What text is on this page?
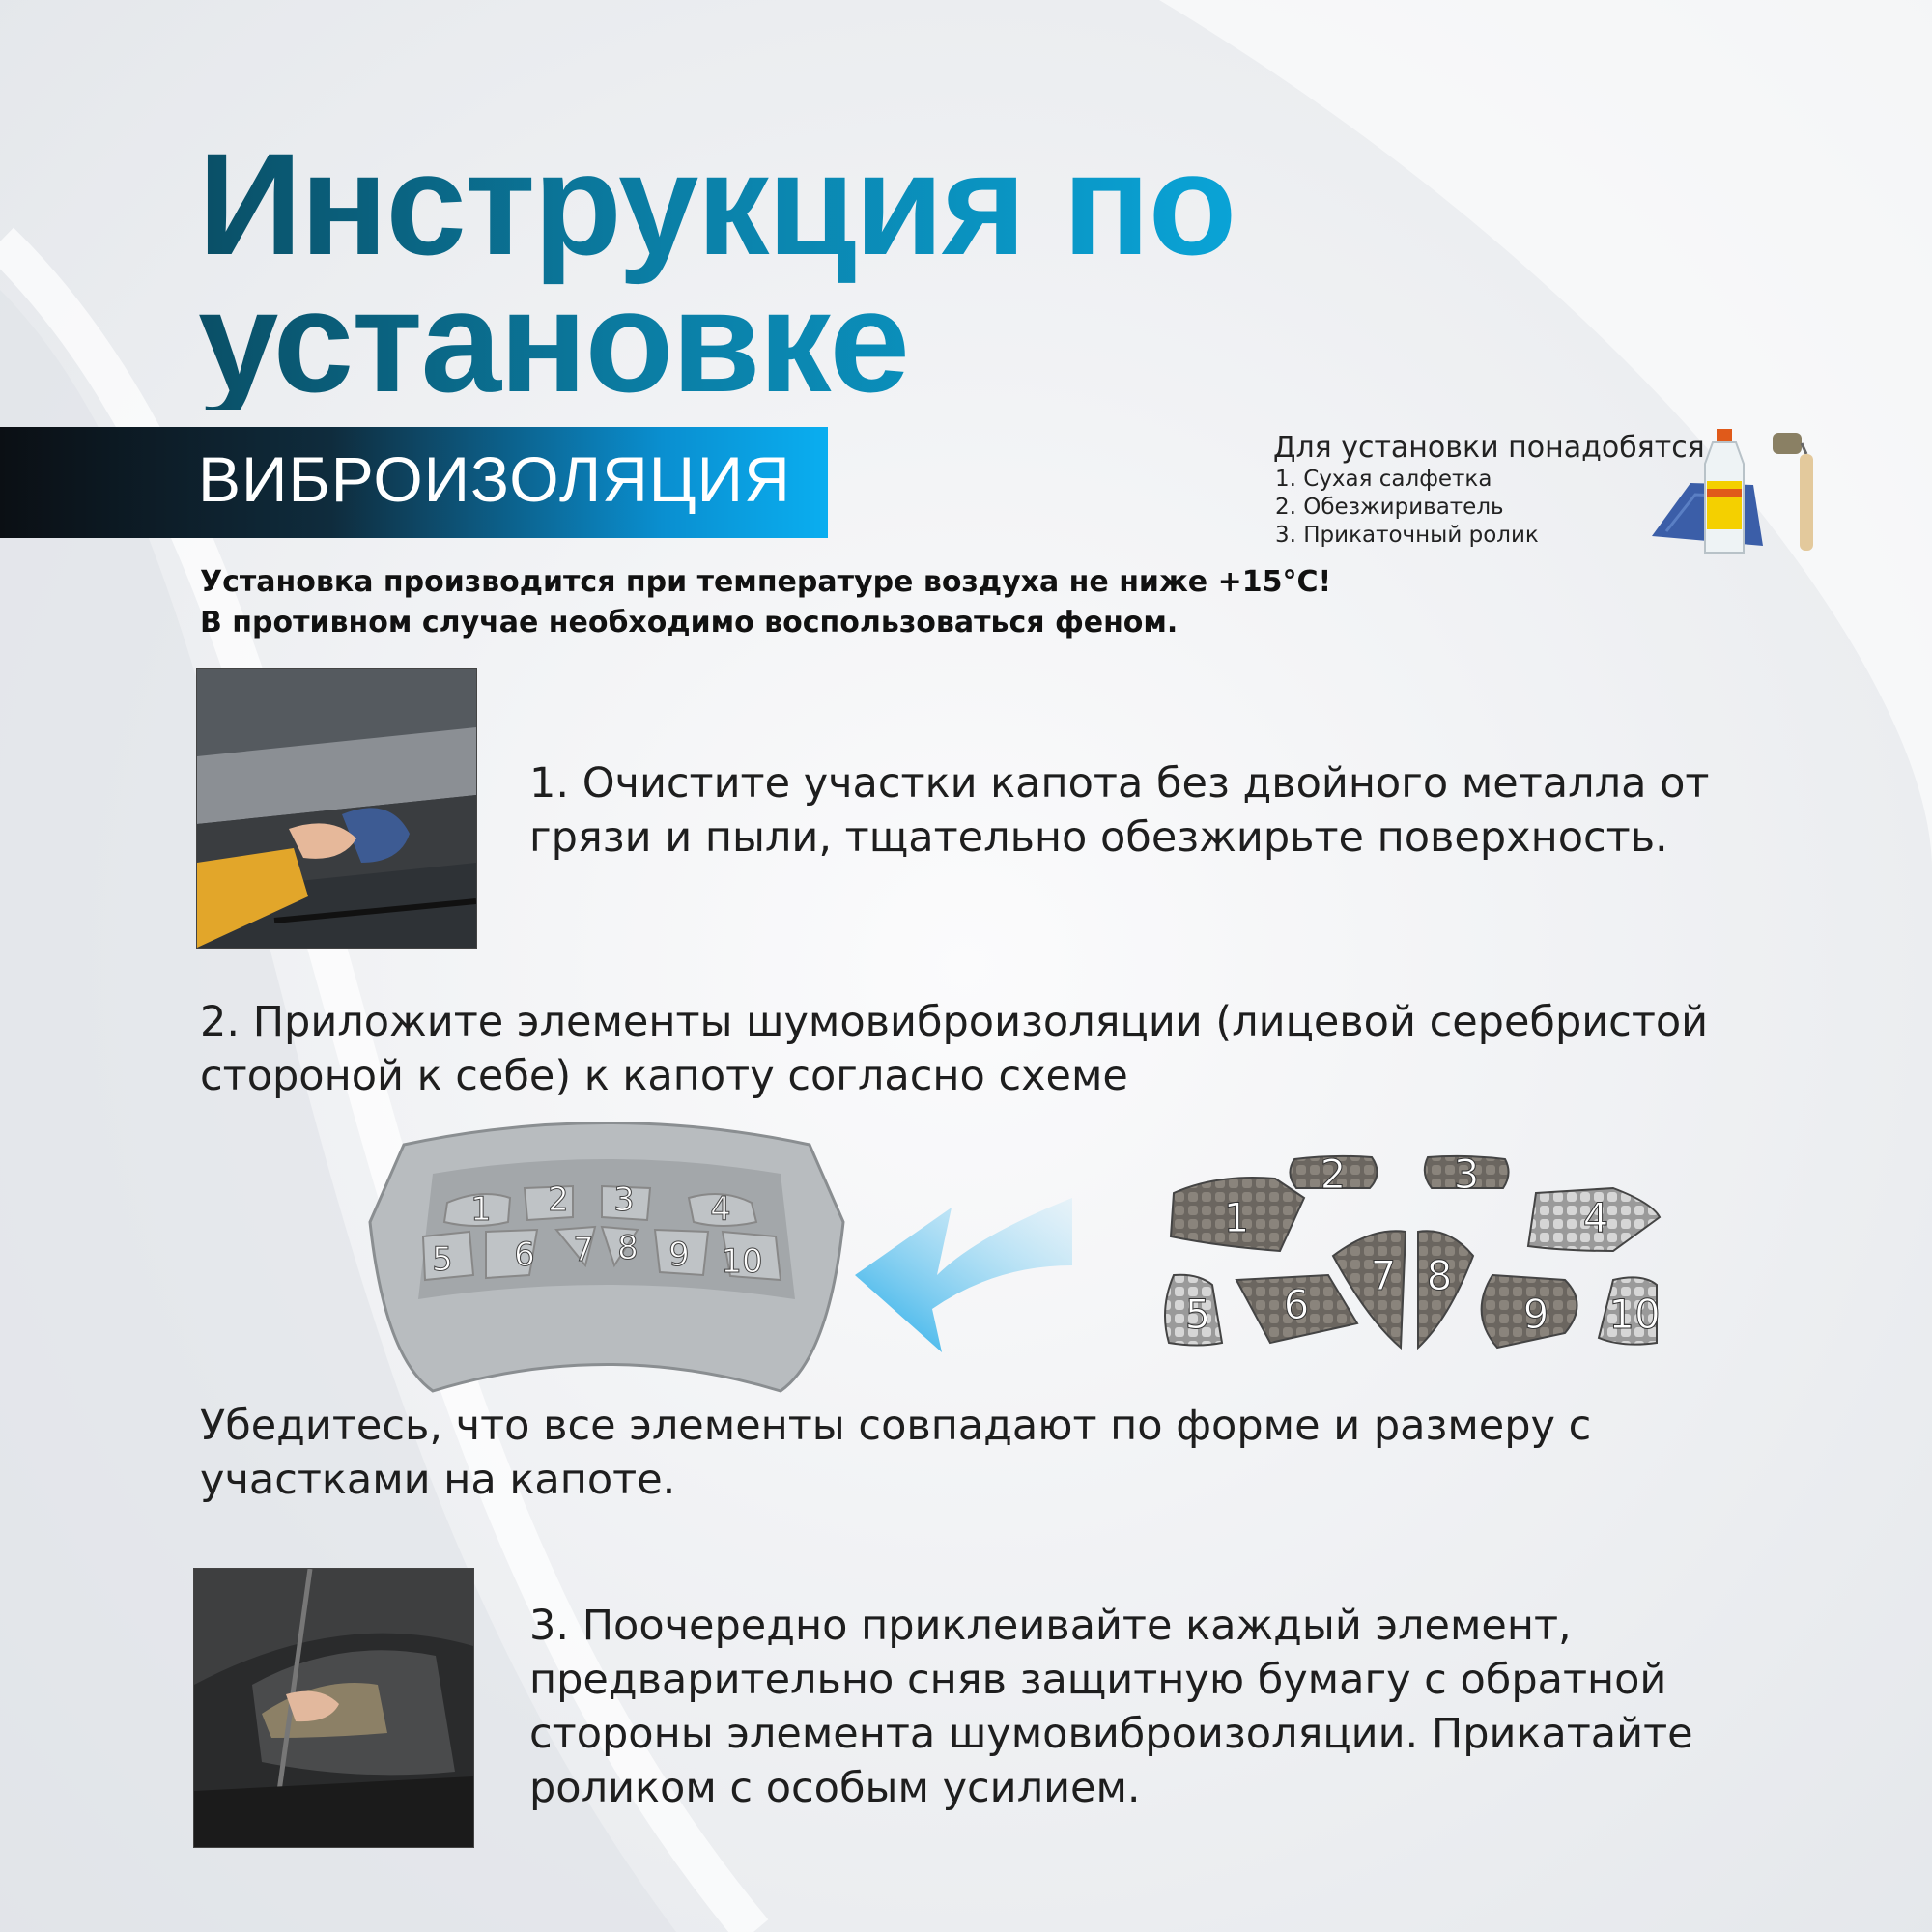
Инструкция по
установке
ВИБРОИЗОЛЯЦИЯ	Для установки понадобятся
1. Сухая салфетка
2. Обезжириватель
3. Прикаточный ролик
Установка производится при температуре воздуха не ниже +15°С!
В противном случае необходимо воспользоваться феном.
1. Очистите участки капота без двойного металла от грязи и пыли, тщательно обезжирьте поверхность.
2. Приложите элементы шумовиброизоляции (лицевой серебристой стороной к себе) к капоту согласно схеме
1 2 3 4
5 6 7 8 9 10
1
2	3
4
5 6
7 8
9 10
Убедитесь, что все элементы совпадают по форме и размеру с участками на капоте.
3. Поочередно приклеивайте каждый элемент, предварительно сняв защитную бумагу с обратной стороны элемента шумовиброизоляции. Прикатайте роликом с особым усилием.
